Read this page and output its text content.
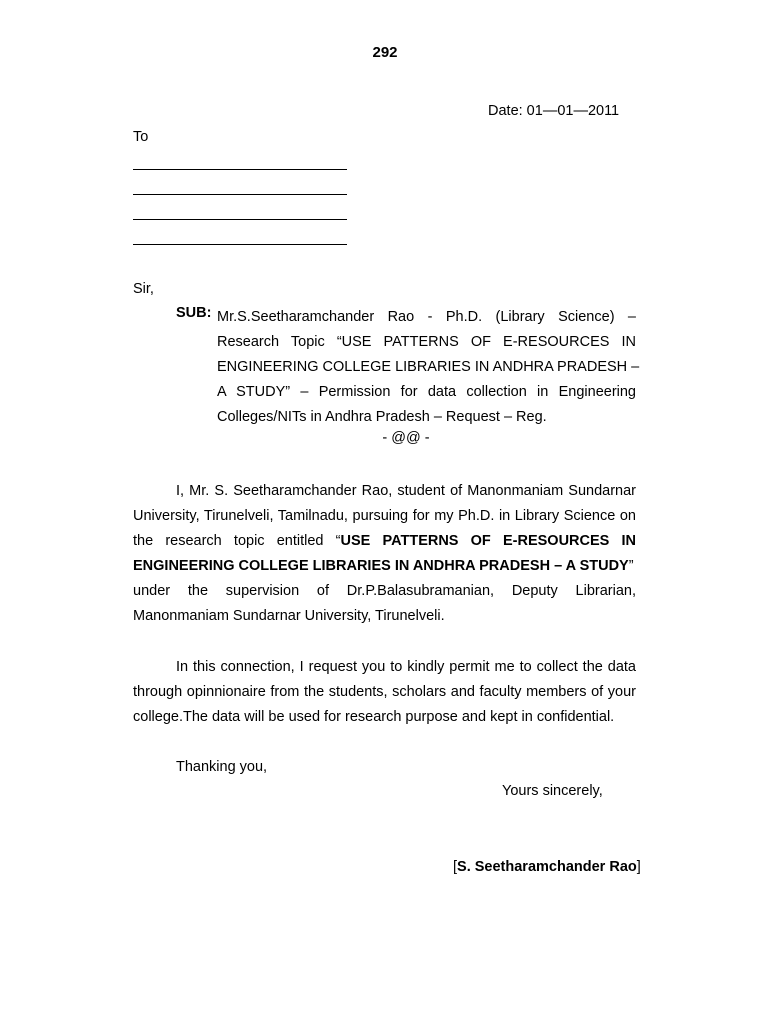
292
Date: 01—01—2011
To
Sir,
SUB: Mr.S.Seetharamchander Rao - Ph.D. (Library Science) –
Research Topic “USE PATTERNS OF E-RESOURCES IN
ENGINEERING COLLEGE LIBRARIES IN ANDHRA PRADESH –
A STUDY” – Permission for data collection in Engineering
Colleges/NITs in Andhra Pradesh – Request – Reg.
- @@ -
I, Mr. S. Seetharamchander Rao, student of Manonmaniam Sundarnar
University, Tirunelveli, Tamilnadu, pursuing for my Ph.D. in Library Science on
the research topic entitled “USE PATTERNS OF E-RESOURCES IN
ENGINEERING COLLEGE LIBRARIES IN ANDHRA PRADESH – A STUDY”
under the supervision of Dr.P.Balasubramanian, Deputy Librarian,
Manonmaniam Sundarnar University, Tirunelveli.
In this connection, I request you to kindly permit me to collect the data
through opinnionaire from the students, scholars and faculty members of your
college.The data will be used for research purpose and kept in confidential.
Thanking you,
Yours sincerely,
[S. Seetharamchander Rao]
